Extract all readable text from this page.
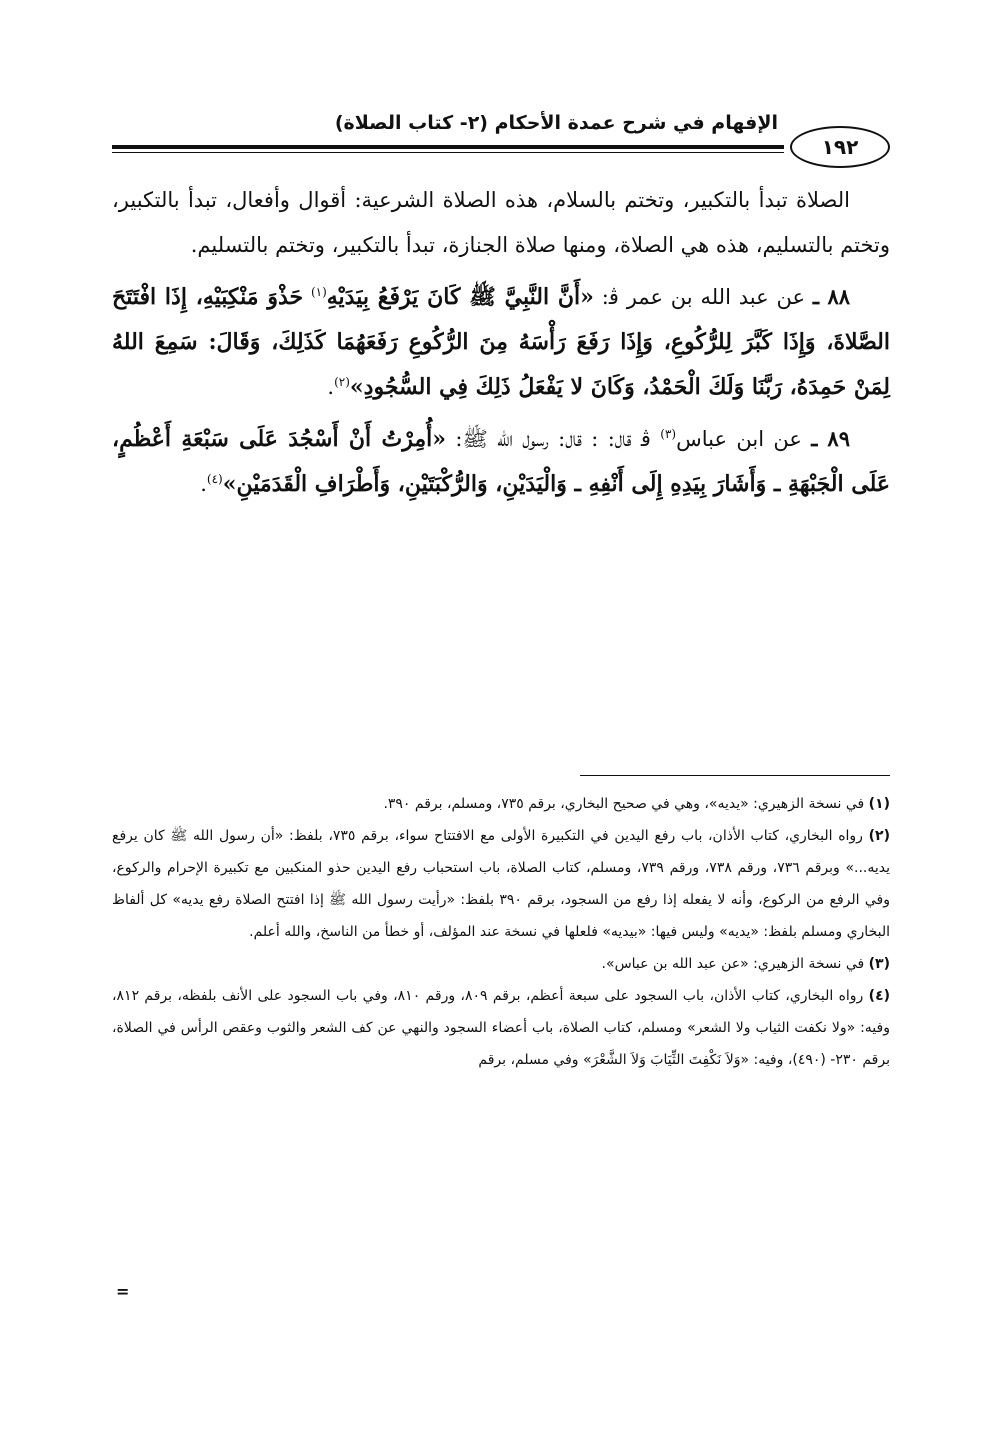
الإفهام في شرح عمدة الأحكام (٢- كتاب الصلاة)
١٩٢

الصلاة تبدأ بالتكبير، وتختم بالسلام، هذه الصلاة الشرعية: أقوال وأفعال، تبدأ بالتكبير، وتختم بالتسليم، هذه هي الصلاة، ومنها صلاة الجنازة، تبدأ بالتكبير، وتختم بالتسليم.

٨٨ ـ عن عبد الله بن عمر ﭬ: «أَنَّ النَّبِيَّ ﷺ كَانَ يَرْفَعُ بِيَدَيْهِ$^{(١)}$ حَذْوَ مَنْكِبَيْهِ، إِذَا افْتَتَحَ الصَّلاةَ، وَإِذَا كَبَّرَ لِلرُّكُوعِ، وَإِذَا رَفَعَ رَأْسَهُ مِنَ الرُّكُوعِ رَفَعَهُمَا كَذَلِكَ، وَقَالَ: سَمِعَ اللهُ لِمَنْ حَمِدَهُ، رَبَّنَا وَلَكَ الْحَمْدُ، وَكَانَ لا يَفْعَلُ ذَلِكَ فِي السُّجُودِ»$^{(٢)}$.

٨٩ ـ عن ابن عباس$^{(٣)}$ ﭬ قال: : قال: رسول الله ﷺ: «أُمِرْتُ أَنْ أَسْجُدَ عَلَى سَبْعَةِ أَعْظُمٍ، عَلَى الْجَبْهَةِ ـ وَأَشَارَ بِيَدِهِ إِلَى أَنْفِهِ ـ وَالْيَدَيْنِ، وَالرُّكْبَتَيْنِ، وَأَطْرَافِ الْقَدَمَيْنِ»$^{(٤)}$.

(١) في نسخة الزهيري: «يديه»، وهي في صحيح البخاري، برقم ٧٣٥، ومسلم، برقم ٣٩٠.

(٢) رواه البخاري، كتاب الأذان، باب رفع اليدين في التكبيرة الأولى مع الافتتاح سواء، برقم ٧٣٥، بلفظ: «أن رسول الله ﷺ كان يرفع يديه...» وبرقم ٧٣٦، ورقم ٧٣٨، ورقم ٧٣٩، ومسلم، كتاب الصلاة، باب استحباب رفع اليدين حذو المنكبين مع تكبيرة الإحرام والركوع، وفي الرفع من الركوع، وأنه لا يفعله إذا رفع من السجود، برقم ٣٩٠ بلفظ: «رأيت رسول الله ﷺ إذا افتتح الصلاة رفع يديه» كل ألفاظ البخاري ومسلم بلفظ: «يديه» وليس فيها: «بيديه» فلعلها في نسخة عند المؤلف، أو خطأ من الناسخ، والله أعلم.

(٣) في نسخة الزهيري: «عن عبد الله بن عباس».

(٤) رواه البخاري، كتاب الأذان، باب السجود على سبعة أعظم، برقم ٨٠٩، ورقم ٨١٠، وفي باب السجود على الأنف بلفظه، برقم ٨١٢، وفيه: «ولا نكفت الثياب ولا الشعر» ومسلم، كتاب الصلاة، باب أعضاء السجود والنهي عن كف الشعر والثوب وعقص الرأس في الصلاة، برقم ٢٣٠- (٤٩٠)، وفيه: «وَلاَ نَكْفِتَ الثِّيَابَ وَلاَ الشَّعْرَ» وفي مسلم، برقم

=
